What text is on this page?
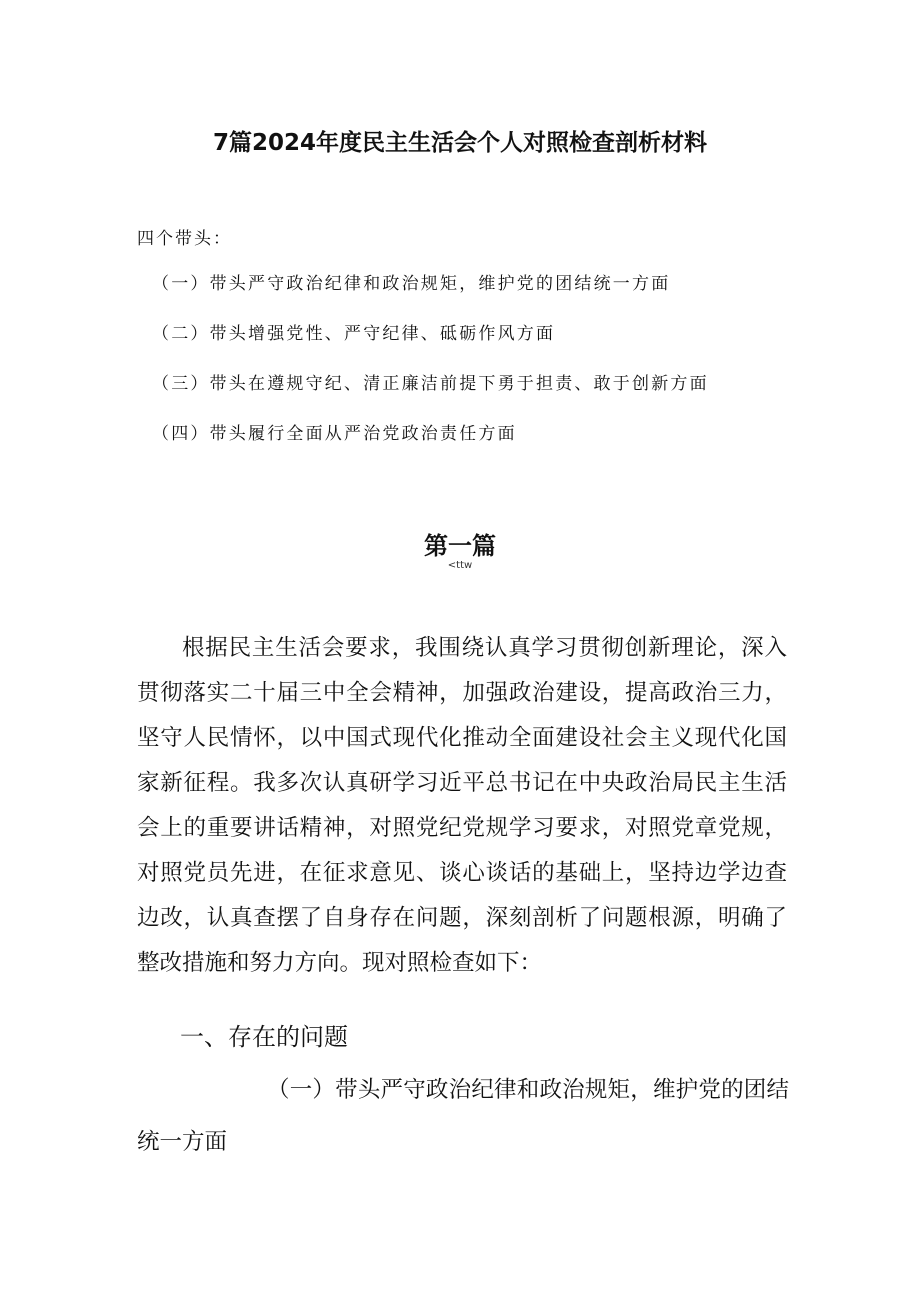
7篇2024年度民主生活会个人对照检查剖析材料
四个带头：
（一）带头严守政治纪律和政治规矩，维护党的团结统一方面
（二）带头增强党性、严守纪律、砥砺作风方面
（三）带头在遵规守纪、清正廉洁前提下勇于担责、敢于创新方面
（四）带头履行全面从严治党政治责任方面
第一篇
<ttw

根据民主生活会要求，我围绕认真学习贯彻创新理论，深入贯彻落实二十届三中全会精神，加强政治建设，提高政治三力，坚守人民情怀，以中国式现代化推动全面建设社会主义现代化国家新征程。我多次认真研学习近平总书记在中央政治局民主生活会上的重要讲话精神，对照党纪党规学习要求，对照党章党规，对照党员先进，在征求意见、谈心谈话的基础上，坚持边学边查边改，认真查摆了自身存在问题，深刻剖析了问题根源，明确了整改措施和努力方向。现对照检查如下：

一、存在的问题

（一）带头严守政治纪律和政治规矩，维护党的团结统一方面
